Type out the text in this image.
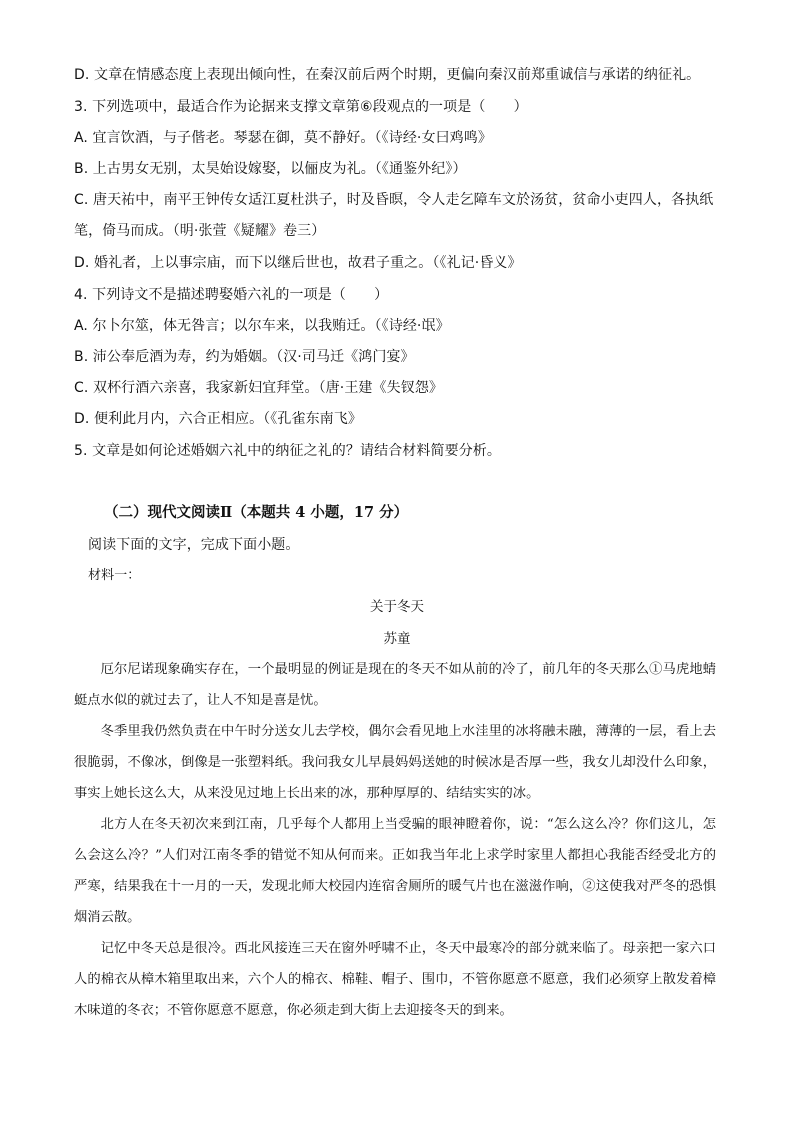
D. 文章在情感态度上表现出倾向性，在秦汉前后两个时期，更偏向秦汉前郑重诚信与承诺的纳征礼。
3. 下列选项中，最适合作为论据来支撑文章第⑥段观点的一项是（　　）
A. 宜言饮酒，与子偕老。琴瑟在御，莫不静好。（《诗经·女曰鸡鸣》
B. 上古男女无别，太昊始设嫁娶，以俪皮为礼。（《通鉴外纪》）
C. 唐天祐中，南平王钟传女适江夏杜洪子，时及昏暝，令人走乞障车文於汤贫，贫命小吏四人，各执纸
笔，倚马而成。（明·张萱《疑耀》卷三）
D. 婚礼者，上以事宗庙，而下以继后世也，故君子重之。（《礼记·昏义》
4. 下列诗文不是描述聘娶婚六礼的一项是（　　）
A. 尔卜尔筮，体无咎言；以尔车来，以我贿迁。（《诗经·氓》
B. 沛公奉卮酒为寿，约为婚姻。（汉·司马迁《鸿门宴》
C. 双杯行酒六亲喜，我家新妇宜拜堂。（唐·王建《失钗怨》
D. 便利此月内，六合正相应。（《孔雀东南飞》
5. 文章是如何论述婚姻六礼中的纳征之礼的？请结合材料简要分析。
（二）现代文阅读Ⅱ（本题共 4 小题，17 分）
阅读下面的文字，完成下面小题。
材料一：
关于冬天
苏童

厄尔尼诺现象确实存在，一个最明显的例证是现在的冬天不如从前的冷了，前几年的冬天那么①马虎地蜻蜓点水似的就过去了，让人不知是喜是忧。

冬季里我仍然负责在中午时分送女儿去学校，偶尔会看见地上水洼里的冰将融未融，薄薄的一层，看上去很脆弱，不像冰，倒像是一张塑料纸。我问我女儿早晨妈妈送她的时候冰是否厚一些，我女儿却没什么印象，事实上她长这么大，从来没见过地上长出来的冰，那种厚厚的、结结实实的冰。

北方人在冬天初次来到江南，几乎每个人都用上当受骗的眼神瞪着你，说：“怎么这么冷？你们这儿，怎么会这么冷？”人们对江南冬季的错觉不知从何而来。正如我当年北上求学时家里人都担心我能否经受北方的严寒，结果我在十一月的一天，发现北师大校园内连宿舍厕所的暖气片也在滋滋作响，②这使我对严冬的恐惧烟消云散。

记忆中冬天总是很冷。西北风接连三天在窗外呼啸不止，冬天中最寒冷的部分就来临了。母亲把一家六口人的棉衣从樟木箱里取出来，六个人的棉衣、棉鞋、帽子、围巾，不管你愿意不愿意，我们必须穿上散发着樟木味道的冬衣；不管你愿意不愿意，你必须走到大街上去迎接冬天的到来。
